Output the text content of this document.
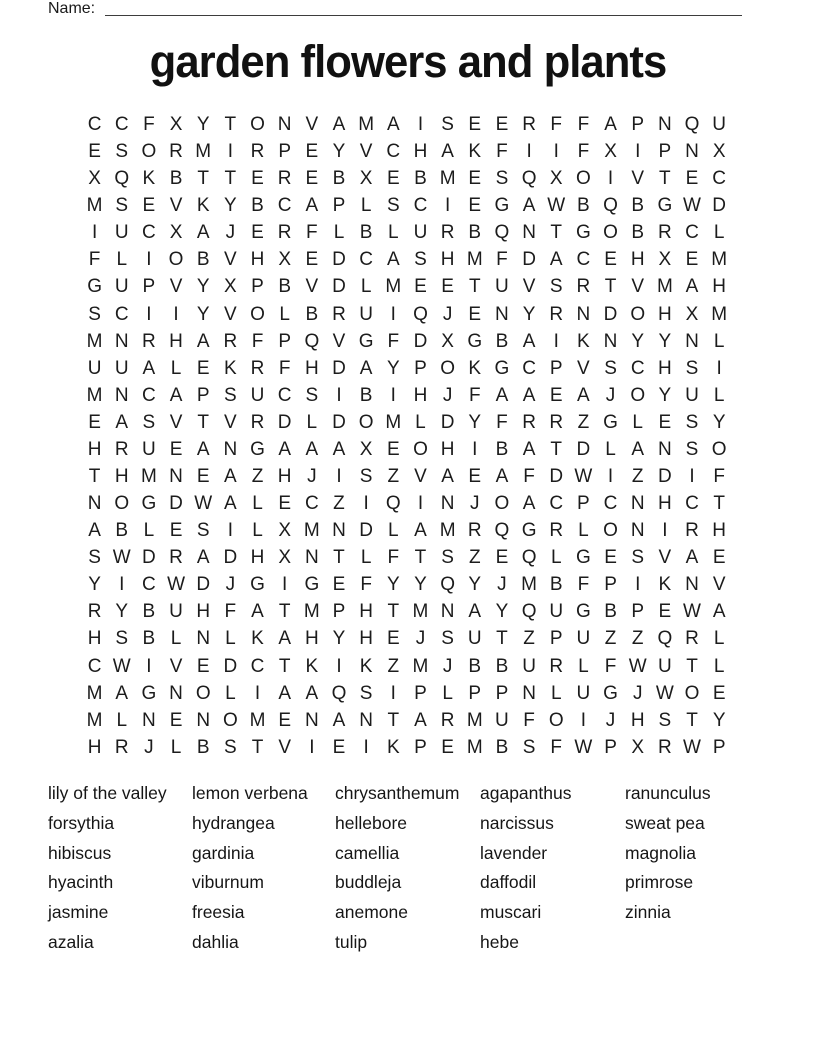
Name:
garden flowers and plants
C C F X Y T O N V A M A I S E E R F F A P N Q U
E S O R M I R P E Y V C H A K F I	I F X I P N X
X Q K B T T E R E B X E B M E S Q X O I V T E C
M S E V K Y B C A P L S C I E G A W B Q B G W D
I U C X A J E R F L B L U R B Q N T G O B R C L
F L	I O B V H X E D C A S H M F D A C E H X E M
G U P V Y X P B V D L M E E T U V S R T V M A H
S C I	I Y V O L B R U I Q J E N Y R N D O H X M
M N R H A R F P Q V G F D X G B A I K N Y Y N L
U U A L E K R F H D A Y P O K G C P V S C H S I
M N C A P S U C S I B I H J F A A E A J O Y U L
E A S V T V R D L D O M L D Y F R R Z G L E S Y
H R U E A N G A A A X E O H I B A T D L A N S O
T H M N E A Z H J	I S Z V A E A F D W I Z D I F
N O G D W A L E C Z I Q I N J O A C P C N H C T
A B L E S I	L X M N D L A M R Q G R L O N I R H
S W D R A D H X N T L F T S Z E Q L G E S V A E
Y I C W D J G I G E F Y Y Q Y J M B F P I K N V
R Y B U H F A T M P H T M N A Y Q U G B P E W A
H S B L N L K A H Y H E J S U T Z P U Z Z Q R L
C W I V E D C T K I K Z M J B B U R L F W U T L
M A G N O L	I A A Q S I P L P P N L U G J W O E
M L N E N O M E N A N T A R M U F O I	J H S T Y
H R J L B S T V I E I K P E M B S F W P X R W P
lily of the valley
forsythia
hibiscus
hyacinth
jasmine
azalia
lemon verbena
hydrangea
gardinia
viburnum
freesia
dahlia
chrysanthemum
hellebore
camellia
buddleja
anemone
tulip
agapanthus
narcissus
lavender
daffodil
muscari
hebe
ranunculus
sweat pea
magnolia
primrose
zinnia
